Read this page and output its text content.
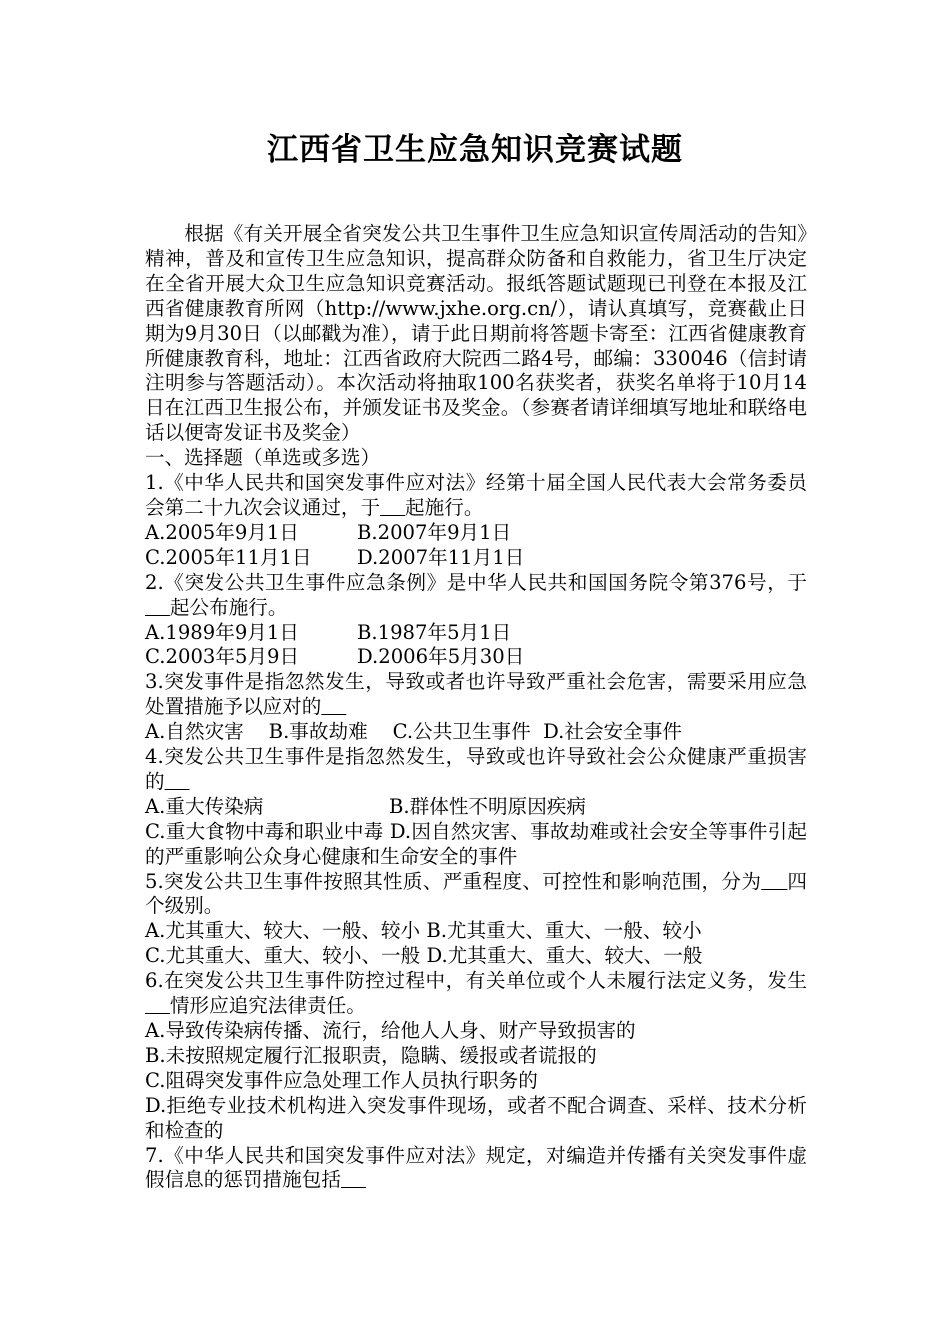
江西省卫生应急知识竞赛试题

根据《有关开展全省突发公共卫生事件卫生应急知识宣传周活动的告知》精神，普及和宣传卫生应急知识，提高群众防备和自救能力，省卫生厅决定在全省开展大众卫生应急知识竞赛活动。报纸答题试题现已刊登在本报及江西省健康教育所网（http://www.jxhe.org.cn/），请认真填写，竞赛截止日期为9月30日（以邮戳为准），请于此日期前将答题卡寄至：江西省健康教育所健康教育科，地址：江西省政府大院西二路4号，邮编：330046（信封请注明参与答题活动）。本次活动将抽取100名获奖者，获奖名单将于10月14日在江西卫生报公布，并颁发证书及奖金。（参赛者请详细填写地址和联络电话以便寄发证书及奖金）

一、选择题（单选或多选）

1.《中华人民共和国突发事件应对法》经第十届全国人民代表大会常务委员会第二十九次会议通过，于 起施行。

A.2005年9月1日	B.2007年9月1日

C.2005年11月1日 D.2007年11月1日

2.《突发公共卫生事件应急条例》是中华人民共和国国务院令第376号，于    起公布施行。

A.1989年9月1日	B.1987年5月1日

C.2003年5月9日	D.2006年5月30日

3.突发事件是指忽然发生，导致或者也许导致严重社会危害，需要采用应急处置措施予以应对的

A.自然灾害    B.事故劫难    C.公共卫生事件  D.社会安全事件

4.突发公共卫生事件是指忽然发生，导致或也许导致社会公众健康严重损害的

A.重大传染病	B.群体性不明原因疾病

C.重大食物中毒和职业中毒 D.因自然灾害、事故劫难或社会安全等事件引起的严重影响公众身心健康和生命安全的事件

5.突发公共卫生事件按照其性质、严重程度、可控性和影响范围，分为 四个级别。

A.尤其重大、较大、一般、较小 B.尤其重大、重大、一般、较小

C.尤其重大、重大、较小、一般 D.尤其重大、重大、较大、一般

6.在突发公共卫生事件防控过程中，有关单位或个人未履行法定义务，发生    情形应追究法律责任。

A.导致传染病传播、流行，给他人人身、财产导致损害的

B.未按照规定履行汇报职责，隐瞒、缓报或者谎报的

C.阻碍突发事件应急处理工作人员执行职务的

D.拒绝专业技术机构进入突发事件现场，或者不配合调查、采样、技术分析和检查的

7.《中华人民共和国突发事件应对法》规定，对编造并传播有关突发事件虚假信息的惩罚措施包括
